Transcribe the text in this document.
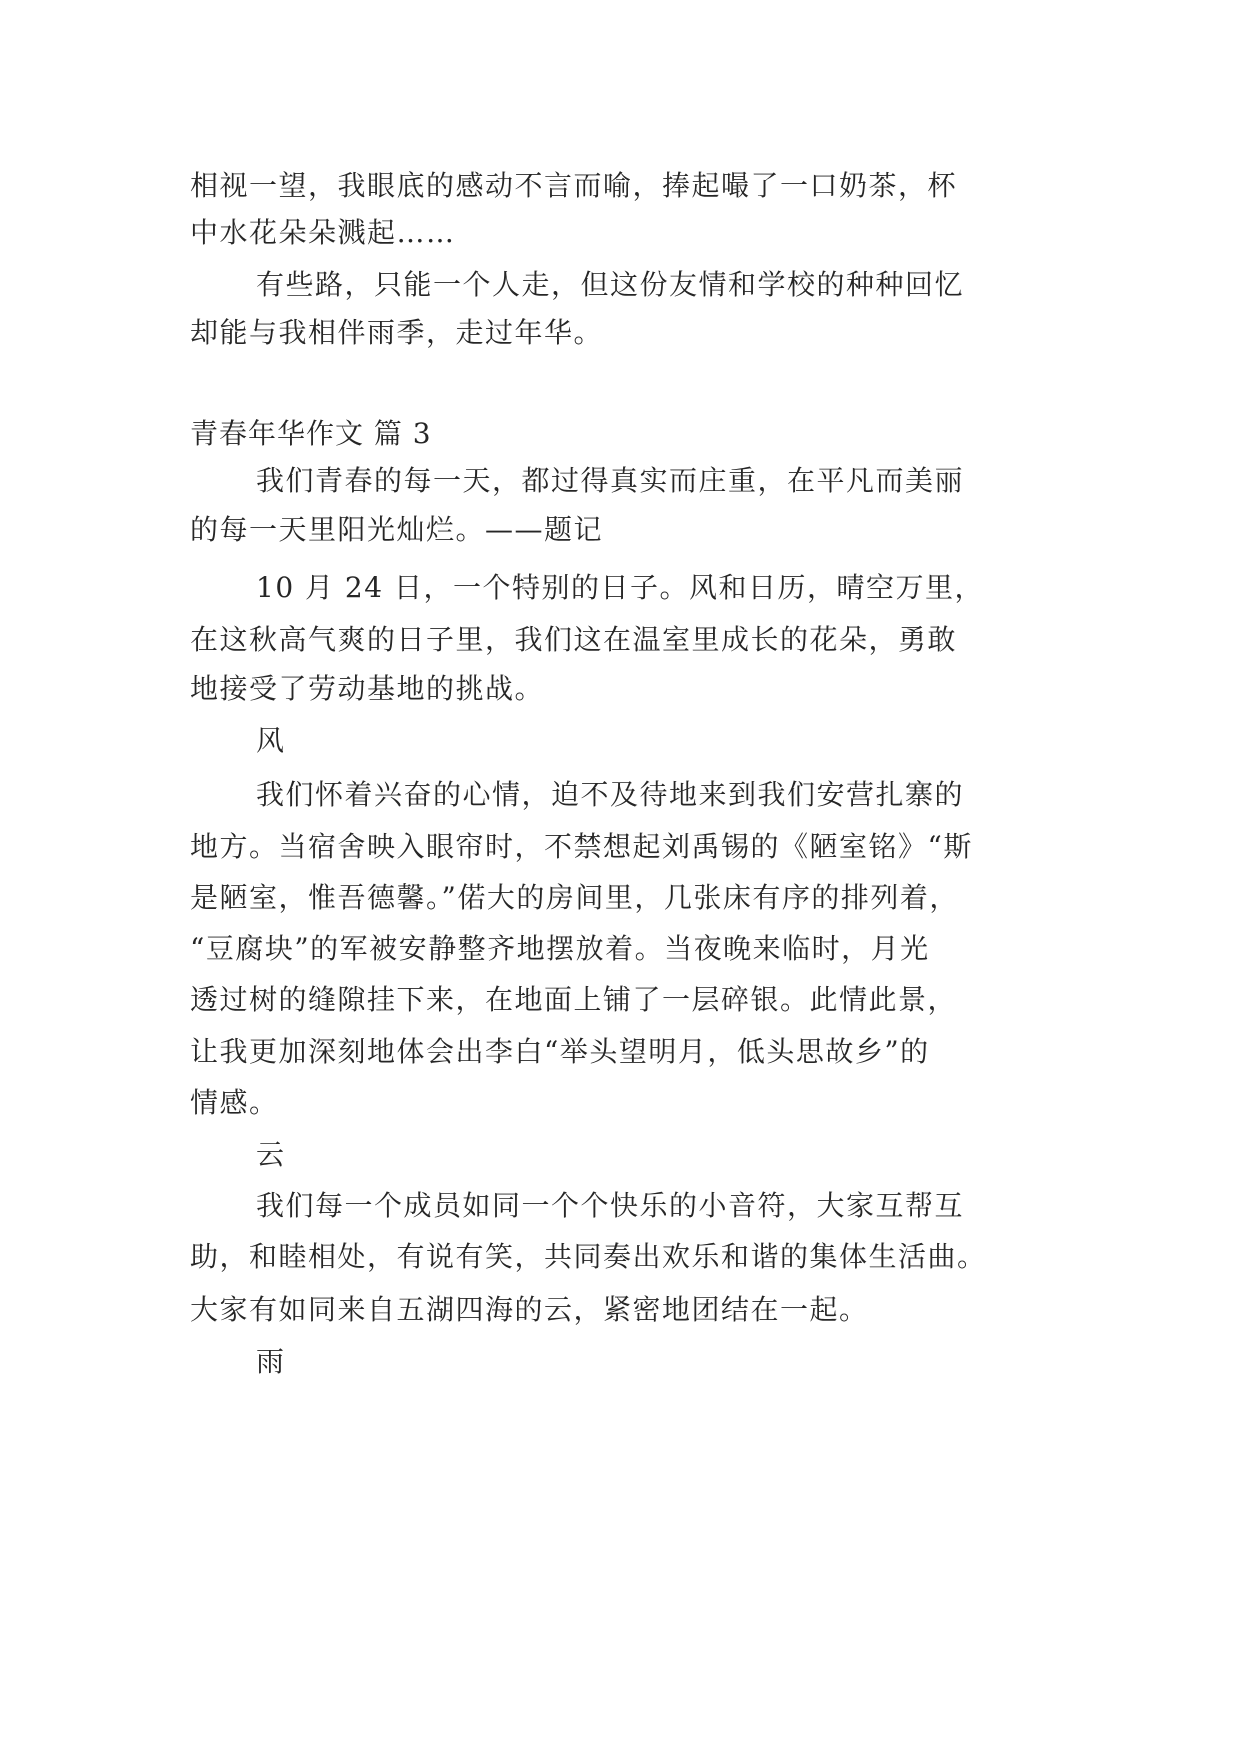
相视一望，我眼底的感动不言而喻，捧起嘬了一口奶茶，杯
中水花朵朵溅起……
有些路，只能一个人走，但这份友情和学校的种种回忆
却能与我相伴雨季，走过年华。
青春年华作文 篇 3
我们青春的每一天，都过得真实而庄重，在平凡而美丽
的每一天里阳光灿烂。——题记
10 月 24 日，一个特别的日子。风和日历，晴空万里，
在这秋高气爽的日子里，我们这在温室里成长的花朵，勇敢
地接受了劳动基地的挑战。
风
我们怀着兴奋的心情，迫不及待地来到我们安营扎寨的
地方。当宿舍映入眼帘时，不禁想起刘禹锡的《陋室铭》“斯
是陋室，惟吾德馨。”偌大的房间里，几张床有序的排列着，
“豆腐块”的军被安静整齐地摆放着。当夜晚来临时，月光
透过树的缝隙挂下来，在地面上铺了一层碎银。此情此景，
让我更加深刻地体会出李白“举头望明月，低头思故乡”的
情感。
云
我们每一个成员如同一个个快乐的小音符，大家互帮互
助，和睦相处，有说有笑，共同奏出欢乐和谐的集体生活曲。
大家有如同来自五湖四海的云，紧密地团结在一起。
雨
